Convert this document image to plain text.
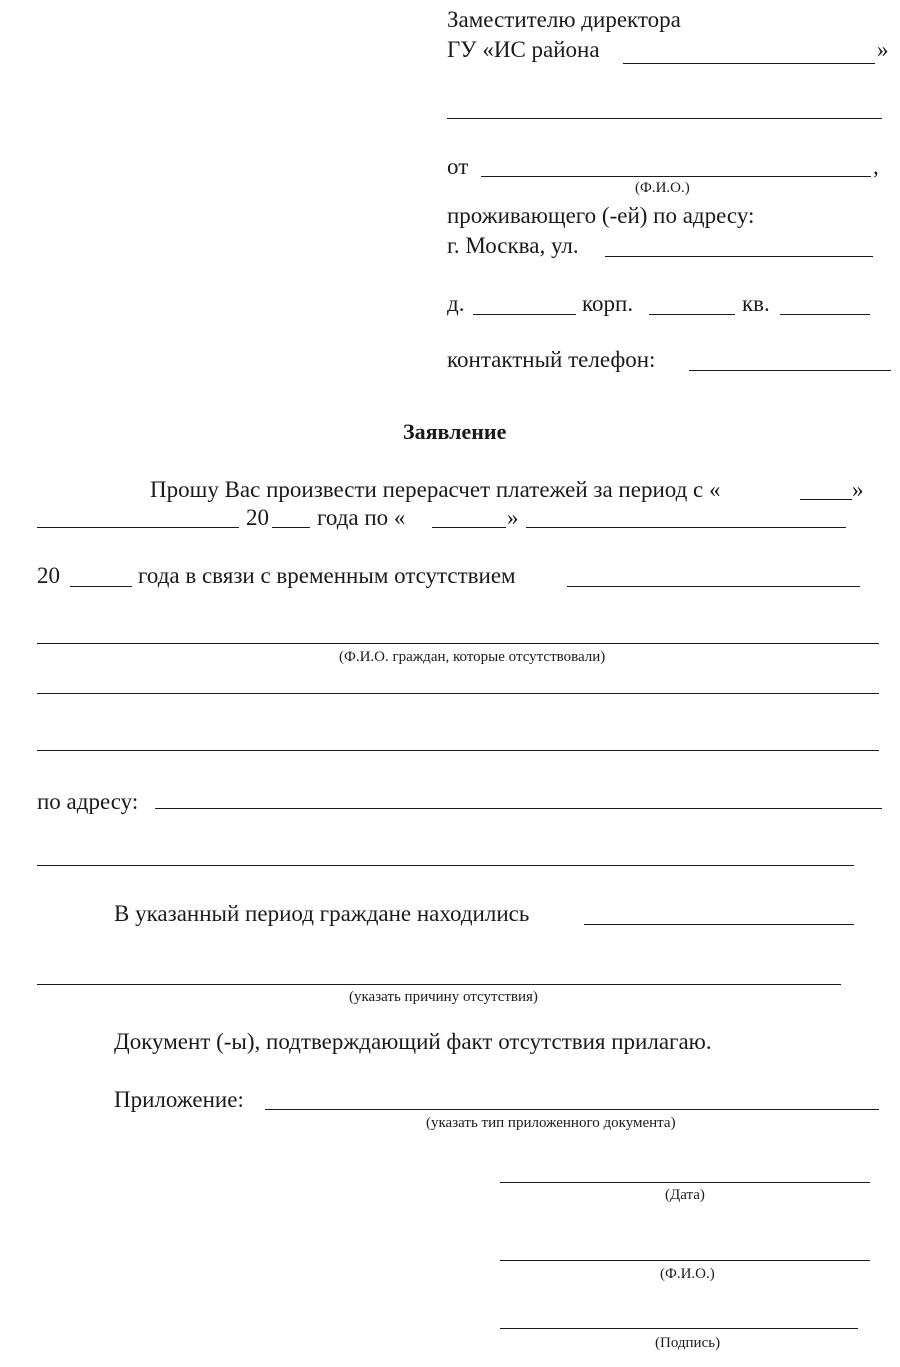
Заместителю директора
ГУ «ИС района	»
от	,
(Ф.И.О.)
проживающего (-ей) по адресу:
г. Москва, ул.
д.	корп.	кв.
контактный телефон:
Заявление
Прошу Вас произвести перерасчет платежей за период с «	»
20 года по «	»
20	года в связи с временным отсутствием
(Ф.И.О. граждан, которые отсутствовали)
по адресу:
В указанный период граждане находились
(указать причину отсутствия)
Документ (-ы), подтверждающий факт отсутствия прилагаю.
Приложение:
(указать тип приложенного документа)
(Дата)
(Ф.И.О.)
(Подпись)
